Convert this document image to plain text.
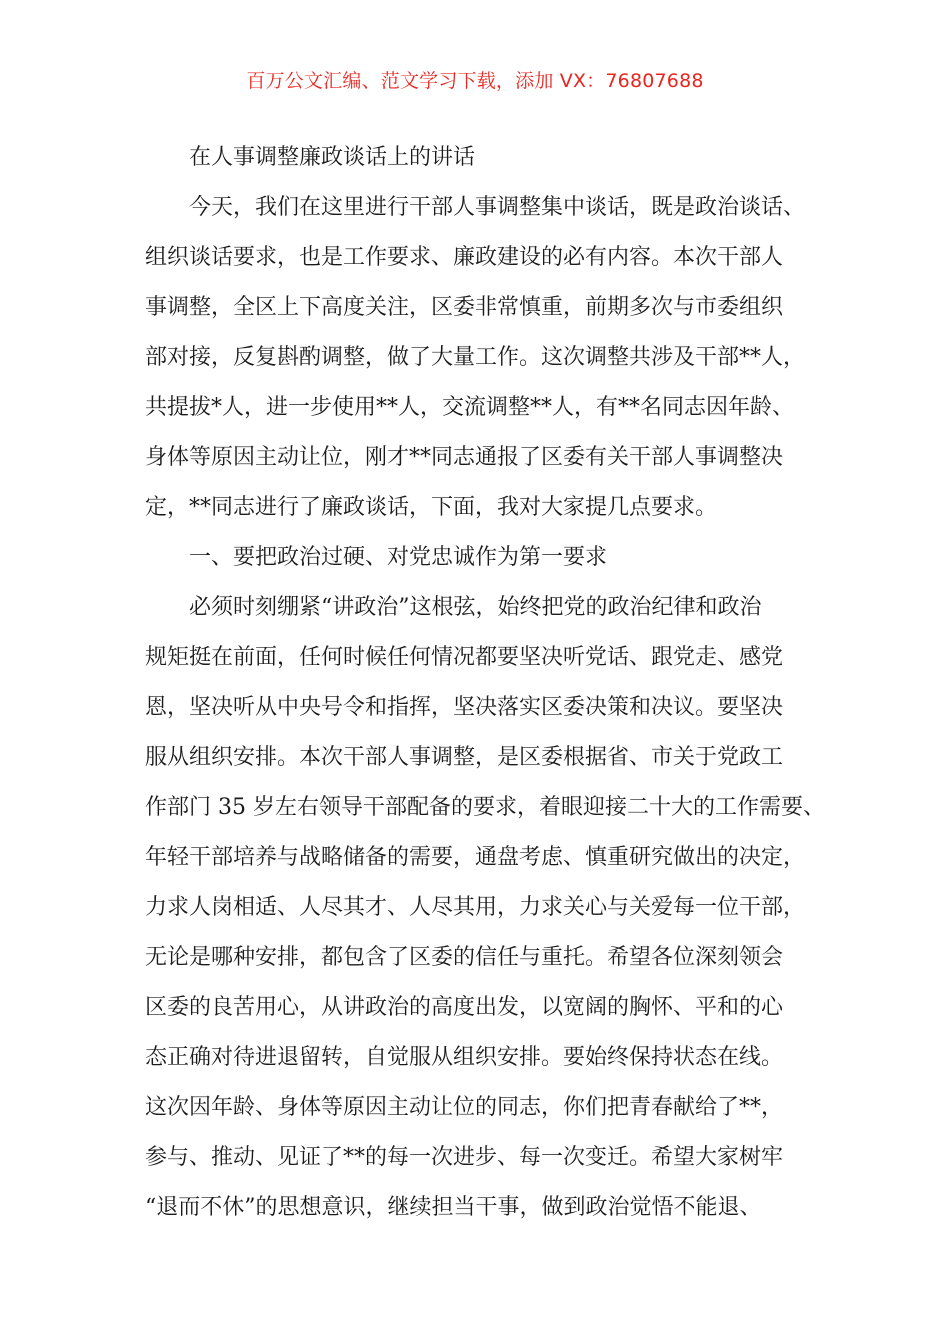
百万公文汇编、范文学习下载，添加 VX：76807688
在人事调整廉政谈话上的讲话
今天，我们在这里进行干部人事调整集中谈话，既是政治谈话、
组织谈话要求，也是工作要求、廉政建设的必有内容。本次干部人
事调整，全区上下高度关注，区委非常慎重，前期多次与市委组织
部对接，反复斟酌调整，做了大量工作。这次调整共涉及干部**人，
共提拔*人，进一步使用**人，交流调整**人，有**名同志因年龄、
身体等原因主动让位，刚才**同志通报了区委有关干部人事调整决
定，**同志进行了廉政谈话，下面，我对大家提几点要求。
一、要把政治过硬、对党忠诚作为第一要求
必须时刻绷紧“讲政治”这根弦，始终把党的政治纪律和政治
规矩挺在前面，任何时候任何情况都要坚决听党话、跟党走、感党
恩，坚决听从中央号令和指挥，坚决落实区委决策和决议。要坚决
服从组织安排。本次干部人事调整，是区委根据省、市关于党政工
作部门 35 岁左右领导干部配备的要求，着眼迎接二十大的工作需要、
年轻干部培养与战略储备的需要，通盘考虑、慎重研究做出的决定，
力求人岗相适、人尽其才、人尽其用，力求关心与关爱每一位干部，
无论是哪种安排，都包含了区委的信任与重托。希望各位深刻领会
区委的良苦用心，从讲政治的高度出发，以宽阔的胸怀、平和的心
态正确对待进退留转，自觉服从组织安排。要始终保持状态在线。
这次因年龄、身体等原因主动让位的同志，你们把青春献给了**，
参与、推动、见证了**的每一次进步、每一次变迁。希望大家树牢
“退而不休”的思想意识，继续担当干事，做到政治觉悟不能退、
